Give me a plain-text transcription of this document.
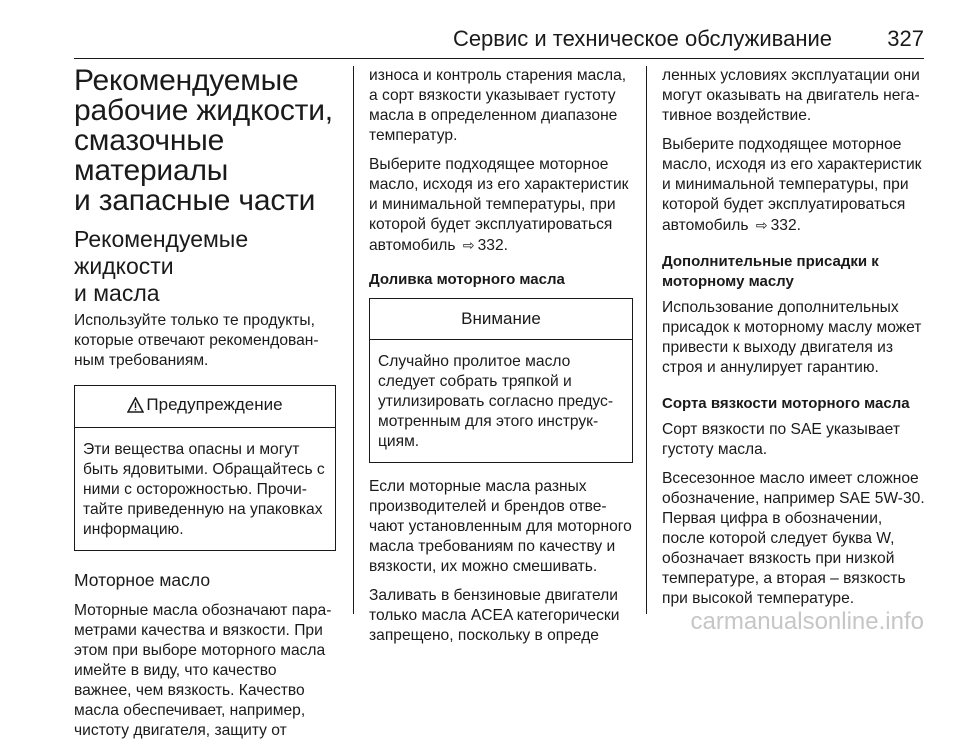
Сервис и техническое обслуживание	327
Рекомендуемые
рабочие жидкости,
смазочные материалы
и запасные части
Рекомендуемые жидкости
и масла

Используйте только те продукты, которые отвечают рекомендованным требованиям.

Предупреждение
Эти вещества опасны и могут быть ядовитыми. Обращайтесь с ними с осторожностью. Прочитайте приведенную на упаковках информацию.
Моторное масло

Моторные масла обозначают параметрами качества и вязкости. При этом при выборе моторного масла имейте в виду, что качество важнее, чем вязкость. Качество масла обеспечивает, например, чистоту двигателя, защиту от

износа и контроль старения масла, а сорт вязкости указывает густоту масла в определенном диапазоне температур.

Выберите подходящее моторное масло, исходя из его характеристик и минимальной температуры, при которой будет эксплуатироваться автомобиль ⇨ 332.

Доливка моторного масла
Внимание
Случайно пролитое масло следует собрать тряпкой и утилизировать согласно предусмотренным для этого инструкциям.

Если моторные масла разных производителей и брендов отвечают установленным для моторного масла требованиям по качеству и вязкости, их можно смешивать.

Заливать в бензиновые двигатели только масла ACEA категорически запрещено, поскольку в опреде

ленных условиях эксплуатации они могут оказывать на двигатель негативное воздействие.

Выберите подходящее моторное масло, исходя из его характеристик и минимальной температуры, при которой будет эксплуатироваться автомобиль ⇨ 332.

Дополнительные присадки к моторному маслу

Использование дополнительных присадок к моторному маслу может привести к выходу двигателя из строя и аннулирует гарантию.

Сорта вязкости моторного масла

Сорт вязкости по SAE указывает густоту масла.

Всесезонное масло имеет сложное обозначение, например SAE 5W-30. Первая цифра в обозначении, после которой следует буква W, обозначает вязкость при низкой температуре, а вторая – вязкость при высокой температуре.

carmanualsonline.info
